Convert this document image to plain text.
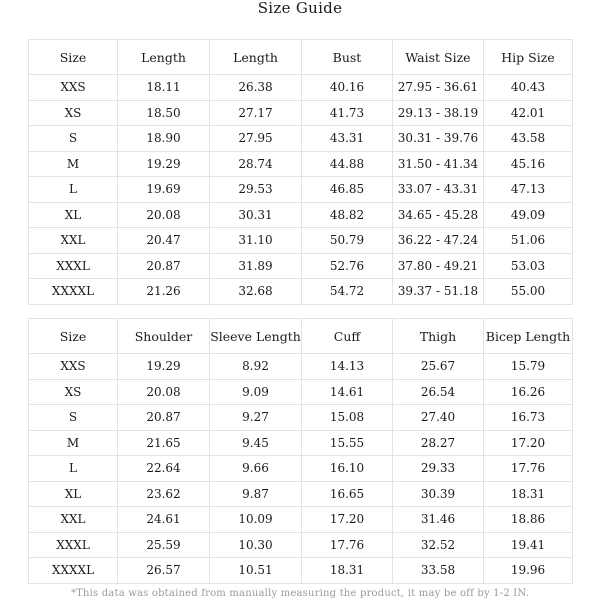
Size Guide
Size	Length	Length	Bust	Waist Size	Hip Size
XXS	18.11	26.38	40.16	27.95 - 36.61	40.43
XS	18.50	27.17	41.73	29.13 - 38.19	42.01
S	18.90	27.95	43.31	30.31 - 39.76	43.58
M	19.29	28.74	44.88	31.50 - 41.34	45.16
L	19.69	29.53	46.85	33.07 - 43.31	47.13
XL	20.08	30.31	48.82	34.65 - 45.28	49.09
XXL	20.47	31.10	50.79	36.22 - 47.24	51.06
XXXL	20.87	31.89	52.76	37.80 - 49.21	53.03
XXXXL	21.26	32.68	54.72	39.37 - 51.18	55.00
Size	Shoulder	Sleeve Length	Cuff	Thigh	Bicep Length
XXS	19.29	8.92	14.13	25.67	15.79
XS	20.08	9.09	14.61	26.54	16.26
S	20.87	9.27	15.08	27.40	16.73
M	21.65	9.45	15.55	28.27	17.20
L	22.64	9.66	16.10	29.33	17.76
XL	23.62	9.87	16.65	30.39	18.31
XXL	24.61	10.09	17.20	31.46	18.86
XXXL	25.59	10.30	17.76	32.52	19.41
XXXXL	26.57	10.51	18.31	33.58	19.96
*This data was obtained from manually measuring the product, it may be off by 1-2 IN.
